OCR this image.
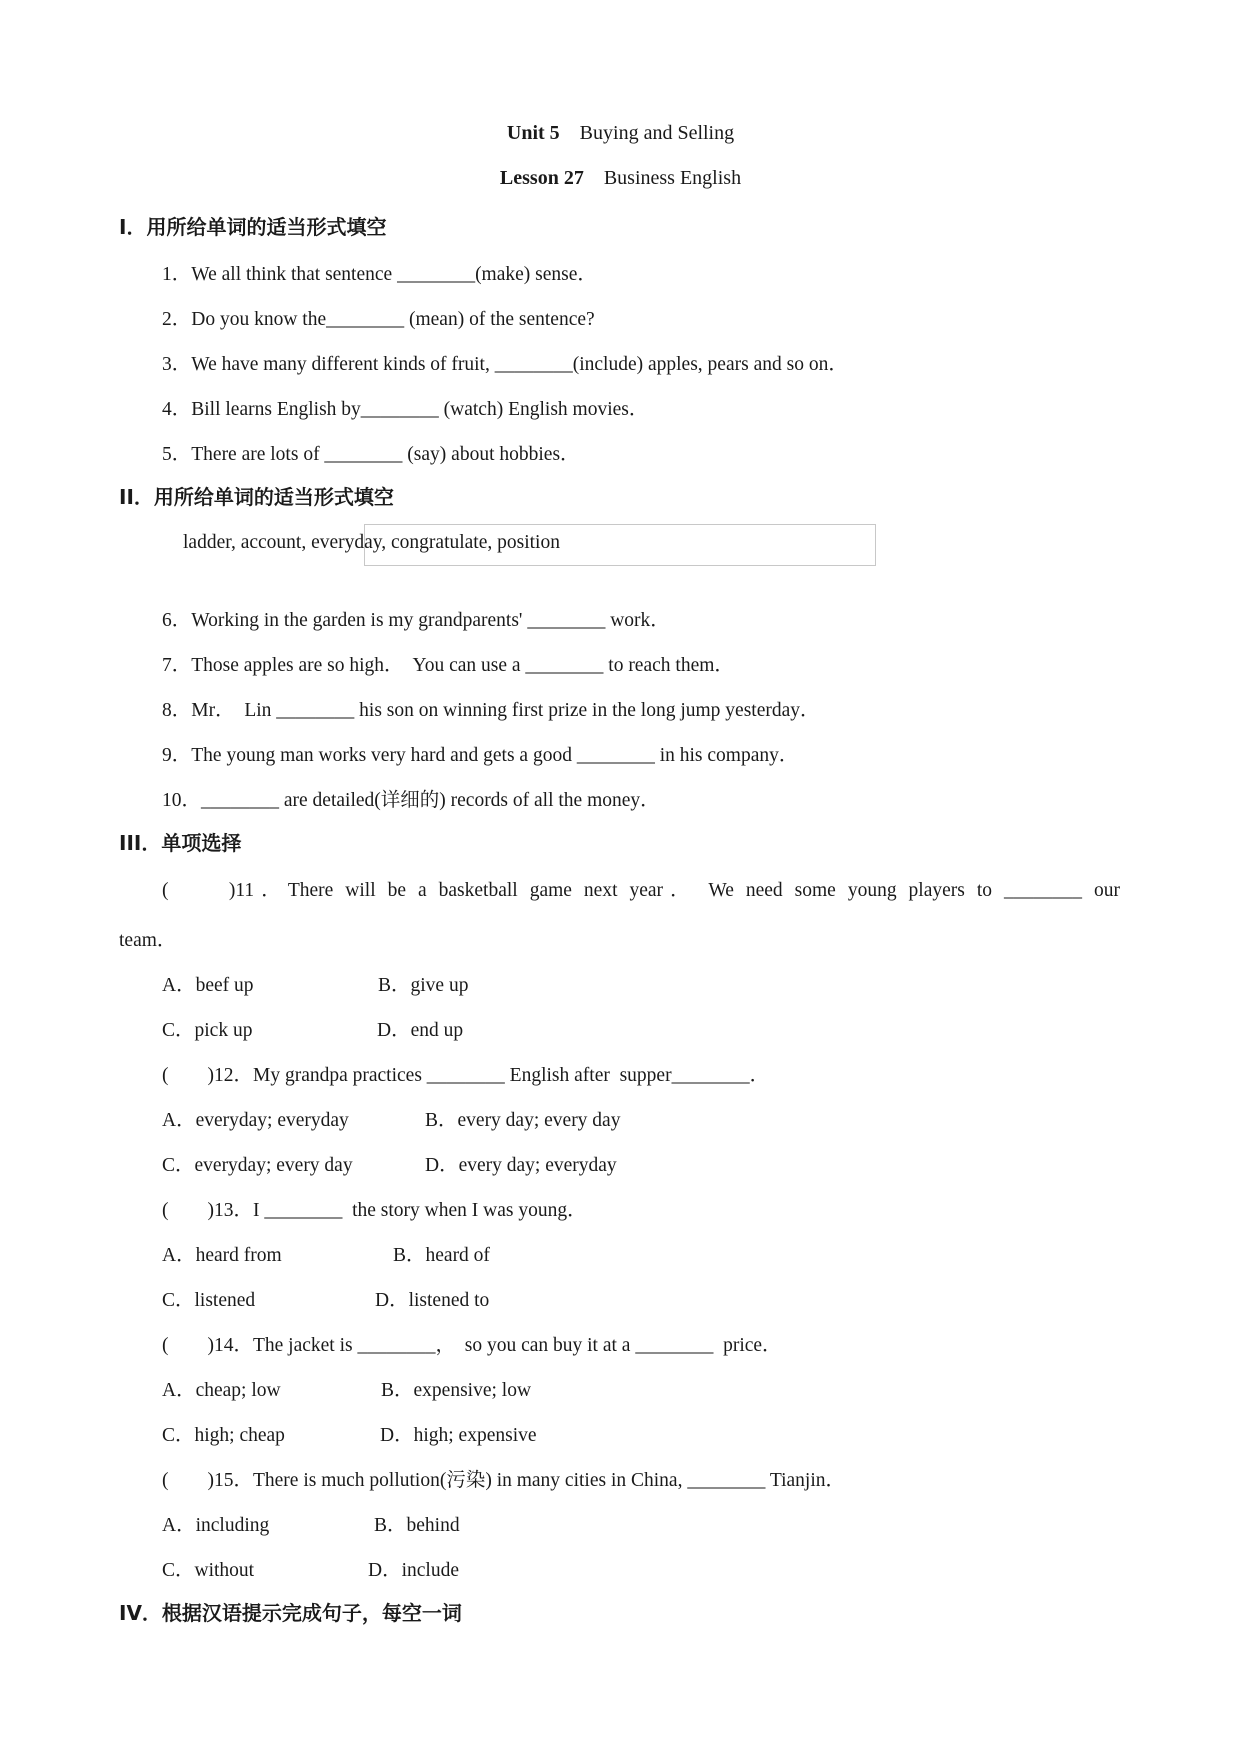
Unit 5 Buying and Selling
Lesson 27 Business English
I．用所给单词的适当形式填空
1．We all think that sentence ________(make) sense．
2．Do you know the________ (mean) of the sentence?
3．We have many different kinds of fruit, ________(include) apples, pears and so on．
4．Bill learns English by________ (watch) English movies．
5．There are lots of ________ (say) about hobbies．
II．用所给单词的适当形式填空
ladder, account, everyday, congratulate, position
6．Working in the garden is my grandparents' ________ work．
7．Those apples are so high．  You can use a ________ to reach them．
8．Mr．  Lin ________ his son on winning first prize in the long jump yesterday．
9．The young man works very hard and gets a good ________ in his company．
10．________ are detailed(详细的) records of all the money．
III．单项选择
(　　)11．There will be a basketball game next year． We need some young players to ________ our
team．
A．beef up	B．give up
C．pick up	D．end up
(　　)12．My grandpa practices ________ English after  supper________．
A．everyday; everyday	B．every day; every day
C．everyday; every day	D．every day; everyday
(　　)13．I ________  the story when I was young．
A．heard from	B．heard of
C．listened	D．listened to
(　　)14．The jacket is ________，  so you can buy it at a ________  price．
A．cheap; low	B．expensive; low
C．high; cheap	D．high; expensive
(　　)15．There is much pollution(污染) in many cities in China, ________ Tianjin．
A．including	B．behind
C．without	D．include
IV．根据汉语提示完成句子，每空一词
